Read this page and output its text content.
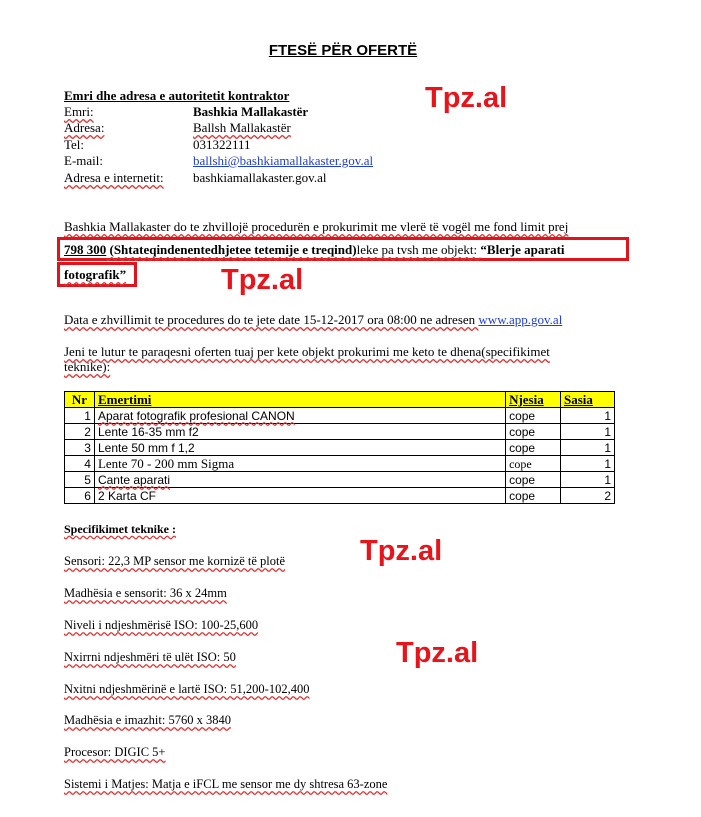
FTESË PËR OFERTË
Emri dhe adresa e autoritetit kontraktor
Emri:	Bashkia Mallakastër
Adresa:	Ballsh Mallakastër
Tel:	031322111
E-mail:	ballshi@bashkiamallakaster.gov.al
Adresa e internetit: bashkiamallakaster.gov.al
Tpz.al
Bashkia Mallakaster do te zhvillojë procedurën e prokurimit me vlerë të vogël me fond limit prej
798 300 (Shtateqindenentedhjetee tetemije e treqind)leke pa tvsh me objekt: “Blerje aparati
fotografik”	Tpz.al
Data e zhvillimit te procedures do te jete date 15-12-2017 ora 08:00 ne adresen www.app.gov.al
Jeni te lutur te paraqesni oferten tuaj per kete objekt prokurimi me keto te dhena(specifikimet
teknike):
Nr	Emertimi	Njesia	Sasia
1	Aparat fotografik profesional CANON	cope	1
2	Lente 16-35 mm f2	cope	1
3	Lente 50 mm f 1,2	cope	1
4	Lente 70 - 200 mm Sigma	cope	1
5	Cante aparati	cope	1
6	2 Karta CF	cope	2
Specifikimet teknike :
Tpz.al
Tpz.al
Sensori: 22,3 MP sensor me kornizë të plotë
Madhësia e sensorit: 36 x 24mm
Niveli i ndjeshmërisë ISO: 100-25,600
Nxirrni ndjeshmëri të ulët ISO: 50
Nxitni ndjeshmërinë e lartë ISO: 51,200-102,400
Madhësia e imazhit: 5760 x 3840
Procesor: DIGIC 5+
Sistemi i Matjes: Matja e iFCL me sensor me dy shtresa 63-zone
